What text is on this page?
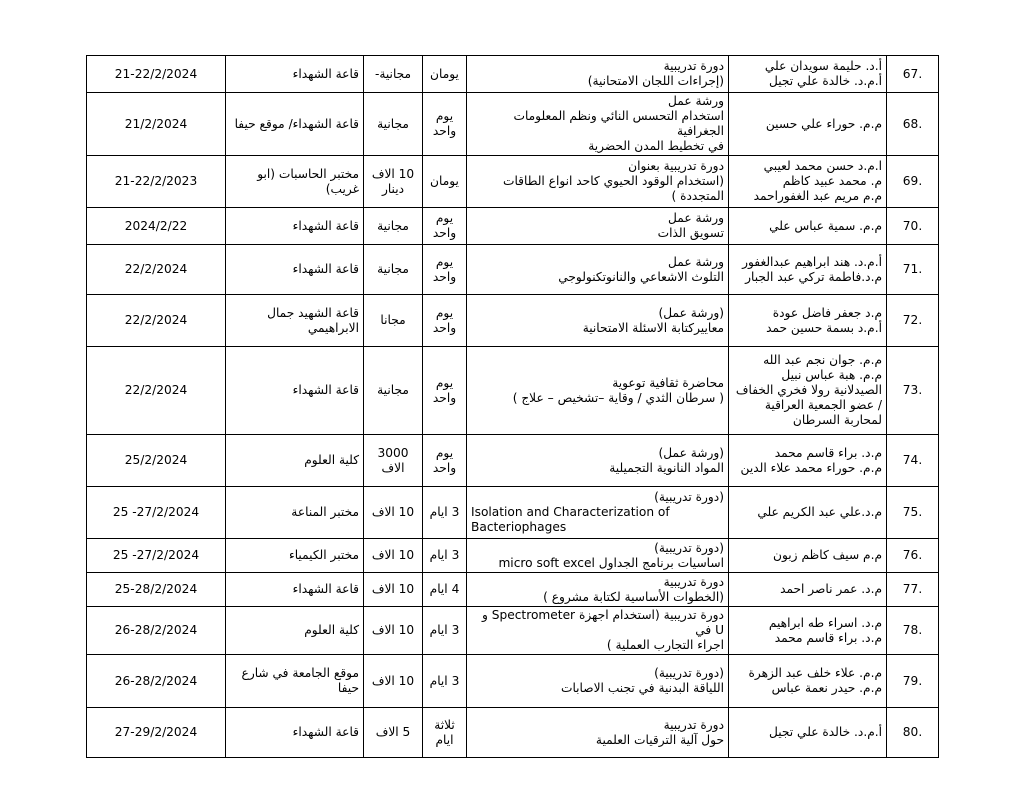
.67	أ.د. حليمة سويدان علي
أ.م.د. خالدة علي تجيل	دورة تدريبية
(إجراءات اللجان الامتحانية)	يومان	مجانية-	قاعة الشهداء	21-22/2/2024
.68	م.م. حوراء علي حسين	ورشة عمل
استخدام التحسس النائي ونظم المعلومات الجغرافية
في تخطيط المدن الحضرية	يوم واحد	مجانية	قاعة الشهداء/ موقع حيفا	21/2/2024
.69	ا.م.د حسن محمد لعيبي
م. محمد عبيد كاظم
م.م مريم عبد الغفوراحمد	دورة تدريبية بعنوان
(استخدام الوقود الحيوي كاحد انواع الطاقات المتجددة )	يومان	10 الاف دينار	مختبر الحاسبات (ابو غريب)	21-22/2/2023
.70	م.م. سمية عباس علي	ورشة عمل
تسويق الذات	يوم واحد	مجانية	قاعة الشهداء	2024/2/22
.71	أ.م.د. هند ابراهيم عبدالغفور
م.د.فاطمة تركي عبد الجبار	ورشة عمل
التلوث الاشعاعي والنانوتكنولوجي	يوم واحد	مجانية	قاعة الشهداء	22/2/2024
.72	م.د جعفر فاضل عودة
أ.م.د بسمة حسين حمد	(ورشة عمل)
معاييركتابة الاسئلة الامتحانية	يوم واحد	مجانا	قاعة الشهيد جمال الابراهيمي	22/2/2024
.73	م.م. جوان نجم عبد الله
م.م. هبة عباس نبيل
الصيدلانية رولا فخري الخفاف
/ عضو الجمعية العراقية
لمحاربة السرطان	محاضرة ثقافية توعوية
( سرطان الثدي / وقاية –تشخيص – علاج )	يوم واحد	مجانية	قاعة الشهداء	22/2/2024
.74	م.د. براء قاسم محمد
م.م. حوراء محمد علاء الدين	(ورشة عمل)
المواد النانوية التجميلية	يوم واحد	3000 الاف	كلية العلوم	25/2/2024
.75	م.د.علي عبد الكريم علي	(دورة تدريبية)
Isolation and Characterization of
Bacteriophages	3 ايام	10 الاف	مختبر المناعة	25 -27/2/2024
.76	م.م سيف كاظم زبون	(دورة تدريبية)
اساسيات برنامج الجداول micro soft excel	3 ايام	10 الاف	مختبر الكيمياء	25 -27/2/2024
.77	م.د. عمر ناصر احمد	دورة تدريبية
(الخطوات الأساسية لكتابة مشروع )	4 ايام	10 الاف	قاعة الشهداء	25-28/2/2024
.78	م.د. اسراء طه ابراهيم
م.د. براء قاسم محمد	دورة تدريبية (استخدام اجهزة Spectrometer و U في
اجراء التجارب العملية )	3 ايام	10 الاف	كلية العلوم	26-28/2/2024
.79	م.م. علاء خلف عبد الزهرة
م.م. حيدر نعمة عباس	(دورة تدريبية)
اللياقة البدنية في تجنب الاصابات	3 ايام	10 الاف	موقع الجامعة في شارع حيفا	26-28/2/2024
.80	أ.م.د. خالدة علي تجيل	دورة تدريبية
حول آلية الترقيات العلمية	ثلاثة ايام	5 الاف	قاعة الشهداء	27-29/2/2024
